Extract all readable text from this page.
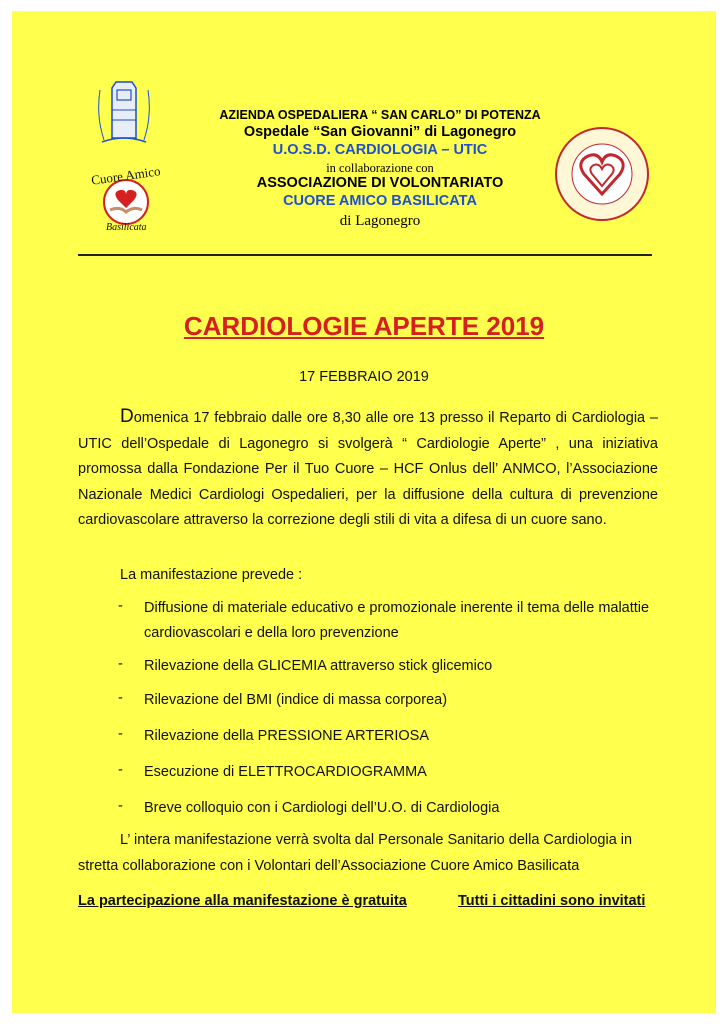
Cuore Amico
Basilicata
AZIENDA OSPEDALIERA “ SAN CARLO” DI POTENZA
Ospedale “San Giovanni” di Lagonegro
U.O.S.D. CARDIOLOGIA – UTIC
in collaborazione con
ASSOCIAZIONE DI VOLONTARIATO
CUORE AMICO BASILICATA
di Lagonegro
CARDIOLOGIE APERTE 2019
17 FEBBRAIO 2019
Domenica 17 febbraio dalle ore 8,30 alle ore 13 presso il Reparto di Cardiologia – UTIC dell’Ospedale di Lagonegro si svolgerà “ Cardiologie Aperte” , una iniziativa promossa dalla Fondazione Per il Tuo Cuore – HCF Onlus dell’ ANMCO, l’Associazione Nazionale Medici Cardiologi Ospedalieri, per la diffusione della cultura di prevenzione cardiovascolare attraverso la correzione degli stili di vita a difesa di un cuore sano.
La manifestazione prevede :
- Diffusione di materiale educativo e promozionale inerente il tema delle malattie cardiovascolari e della loro prevenzione
- Rilevazione della GLICEMIA attraverso stick glicemico
- Rilevazione del BMI (indice di massa corporea)
- Rilevazione della PRESSIONE ARTERIOSA
- Esecuzione di ELETTROCARDIOGRAMMA
- Breve colloquio con i Cardiologi dell’U.O. di Cardiologia
L’ intera manifestazione verrà svolta dal Personale Sanitario della Cardiologia in stretta collaborazione con i Volontari dell’Associazione Cuore Amico Basilicata
La partecipazione alla manifestazione è gratuita	Tutti i cittadini sono invitati
